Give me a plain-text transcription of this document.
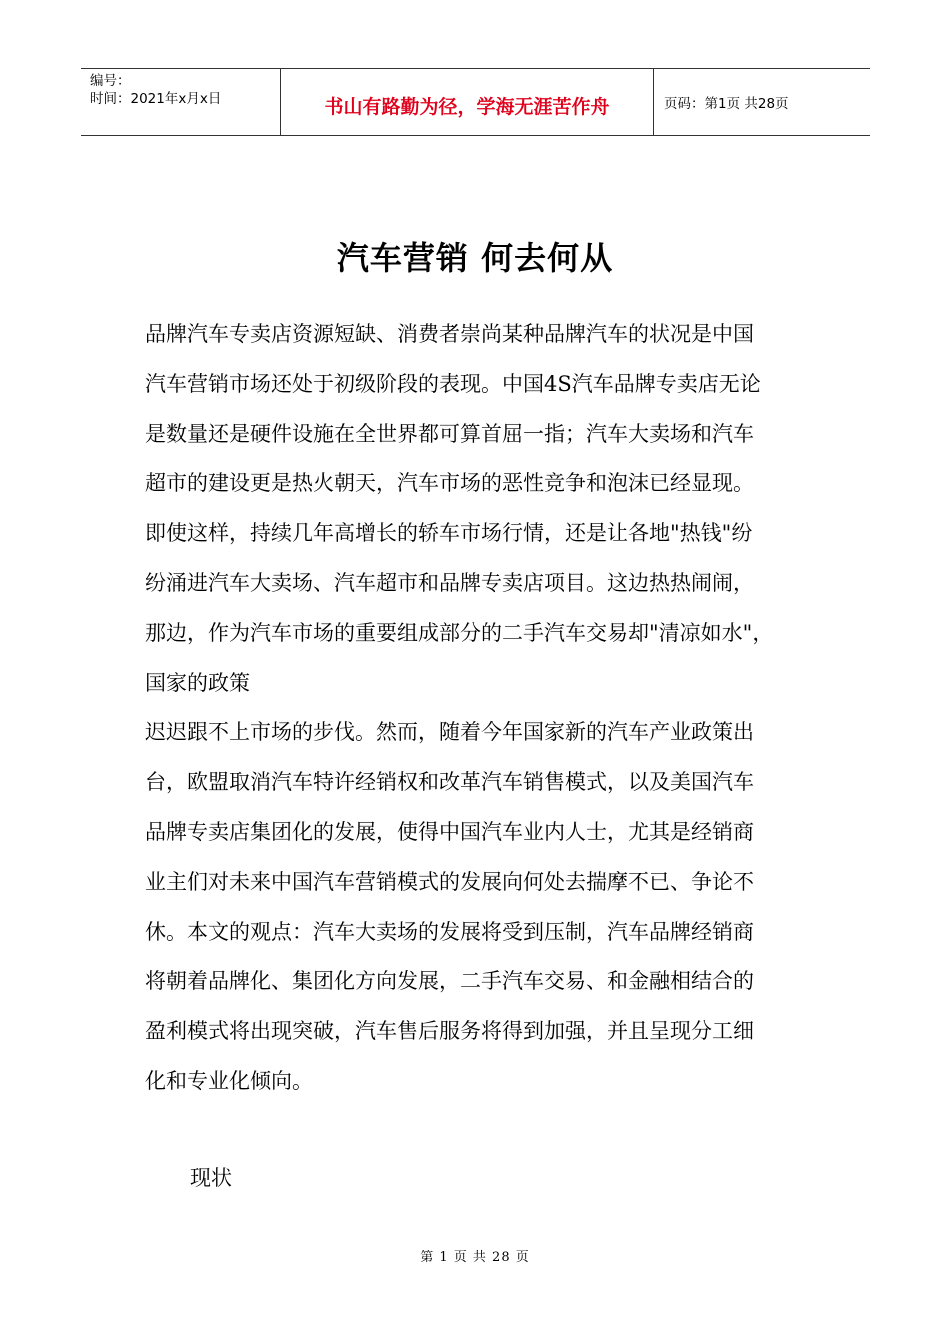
编号：
时间：2021年x月x日	书山有路勤为径，学海无涯苦作舟	页码：第1页 共28页
汽车营销 何去何从
品牌汽车专卖店资源短缺、消费者崇尚某种品牌汽车的状况是中国
汽车营销市场还处于初级阶段的表现。中国4S汽车品牌专卖店无论
是数量还是硬件设施在全世界都可算首屈一指；汽车大卖场和汽车
超市的建设更是热火朝天，汽车市场的恶性竞争和泡沫已经显现。
即使这样，持续几年高增长的轿车市场行情，还是让各地"热钱"纷
纷涌进汽车大卖场、汽车超市和品牌专卖店项目。这边热热闹闹，
那边，作为汽车市场的重要组成部分的二手汽车交易却"清凉如水"，
国家的政策
迟迟跟不上市场的步伐。然而，随着今年国家新的汽车产业政策出
台，欧盟取消汽车特许经销权和改革汽车销售模式，以及美国汽车
品牌专卖店集团化的发展，使得中国汽车业内人士，尤其是经销商
业主们对未来中国汽车营销模式的发展向何处去揣摩不已、争论不
休。本文的观点：汽车大卖场的发展将受到压制，汽车品牌经销商
将朝着品牌化、集团化方向发展，二手汽车交易、和金融相结合的
盈利模式将出现突破，汽车售后服务将得到加强，并且呈现分工细
化和专业化倾向。
现状
第 1 页 共 28 页
